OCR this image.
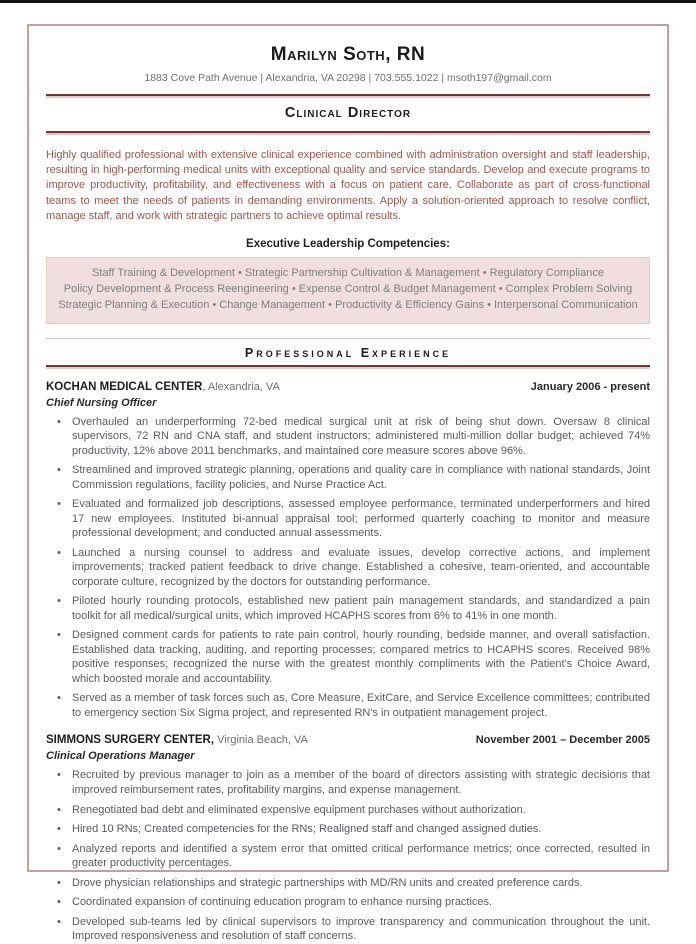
Marilyn Soth, RN
1883 Cove Path Avenue | Alexandria, VA 20298 | 703.555.1022 | msoth197@gmail.com
Clinical Director
Highly qualified professional with extensive clinical experience combined with administration oversight and staff leadership, resulting in high-performing medical units with exceptional quality and service standards. Develop and execute programs to improve productivity, profitability, and effectiveness with a focus on patient care. Collaborate as part of cross-functional teams to meet the needs of patients in demanding environments. Apply a solution-oriented approach to resolve conflict, manage staff, and work with strategic partners to achieve optimal results.
Executive Leadership Competencies:
Staff Training & Development • Strategic Partnership Cultivation & Management • Regulatory Compliance
Policy Development & Process Reengineering • Expense Control & Budget Management • Complex Problem Solving
Strategic Planning & Execution • Change Management • Productivity & Efficiency Gains • Interpersonal Communication
Professional Experience
KOCHAN MEDICAL CENTER, Alexandria, VA	January 2006 - present
Chief Nursing Officer
• Overhauled an underperforming 72-bed medical surgical unit at risk of being shut down. Oversaw 8 clinical supervisors, 72 RN and CNA staff, and student instructors; administered multi-million dollar budget; achieved 74% productivity, 12% above 2011 benchmarks, and maintained core measure scores above 96%.
• Streamlined and improved strategic planning, operations and quality care in compliance with national standards, Joint Commission regulations, facility policies, and Nurse Practice Act.
• Evaluated and formalized job descriptions, assessed employee performance, terminated underperformers and hired 17 new employees. Instituted bi-annual appraisal tool; performed quarterly coaching to monitor and measure professional development; and conducted annual assessments.
• Launched a nursing counsel to address and evaluate issues, develop corrective actions, and implement improvements; tracked patient feedback to drive change. Established a cohesive, team-oriented, and accountable corporate culture, recognized by the doctors for outstanding performance.
• Piloted hourly rounding protocols, established new patient pain management standards, and standardized a pain toolkit for all medical/surgical units, which improved HCAPHS scores from 6% to 41% in one month.
• Designed comment cards for patients to rate pain control, hourly rounding, bedside manner, and overall satisfaction. Established data tracking, auditing, and reporting processes; compared metrics to HCAPHS scores. Received 98% positive responses; recognized the nurse with the greatest monthly compliments with the Patient's Choice Award, which boosted morale and accountability.
• Served as a member of task forces such as, Core Measure, ExitCare, and Service Excellence committees; contributed to emergency section Six Sigma project, and represented RN's in outpatient management project.
SIMMONS SURGERY CENTER, Virginia Beach, VA	November 2001 – December 2005
Clinical Operations Manager
• Recruited by previous manager to join as a member of the board of directors assisting with strategic decisions that improved reimbursement rates, profitability margins, and expense management.
• Renegotiated bad debt and eliminated expensive equipment purchases without authorization.
• Hired 10 RNs; Created competencies for the RNs; Realigned staff and changed assigned duties.
• Analyzed reports and identified a system error that omitted critical performance metrics; once corrected, resulted in greater productivity percentages.
• Drove physician relationships and strategic partnerships with MD/RN units and created preference cards.
• Coordinated expansion of continuing education program to enhance nursing practices.
• Developed sub-teams led by clinical supervisors to improve transparency and communication throughout the unit. Improved responsiveness and resolution of staff concerns.
